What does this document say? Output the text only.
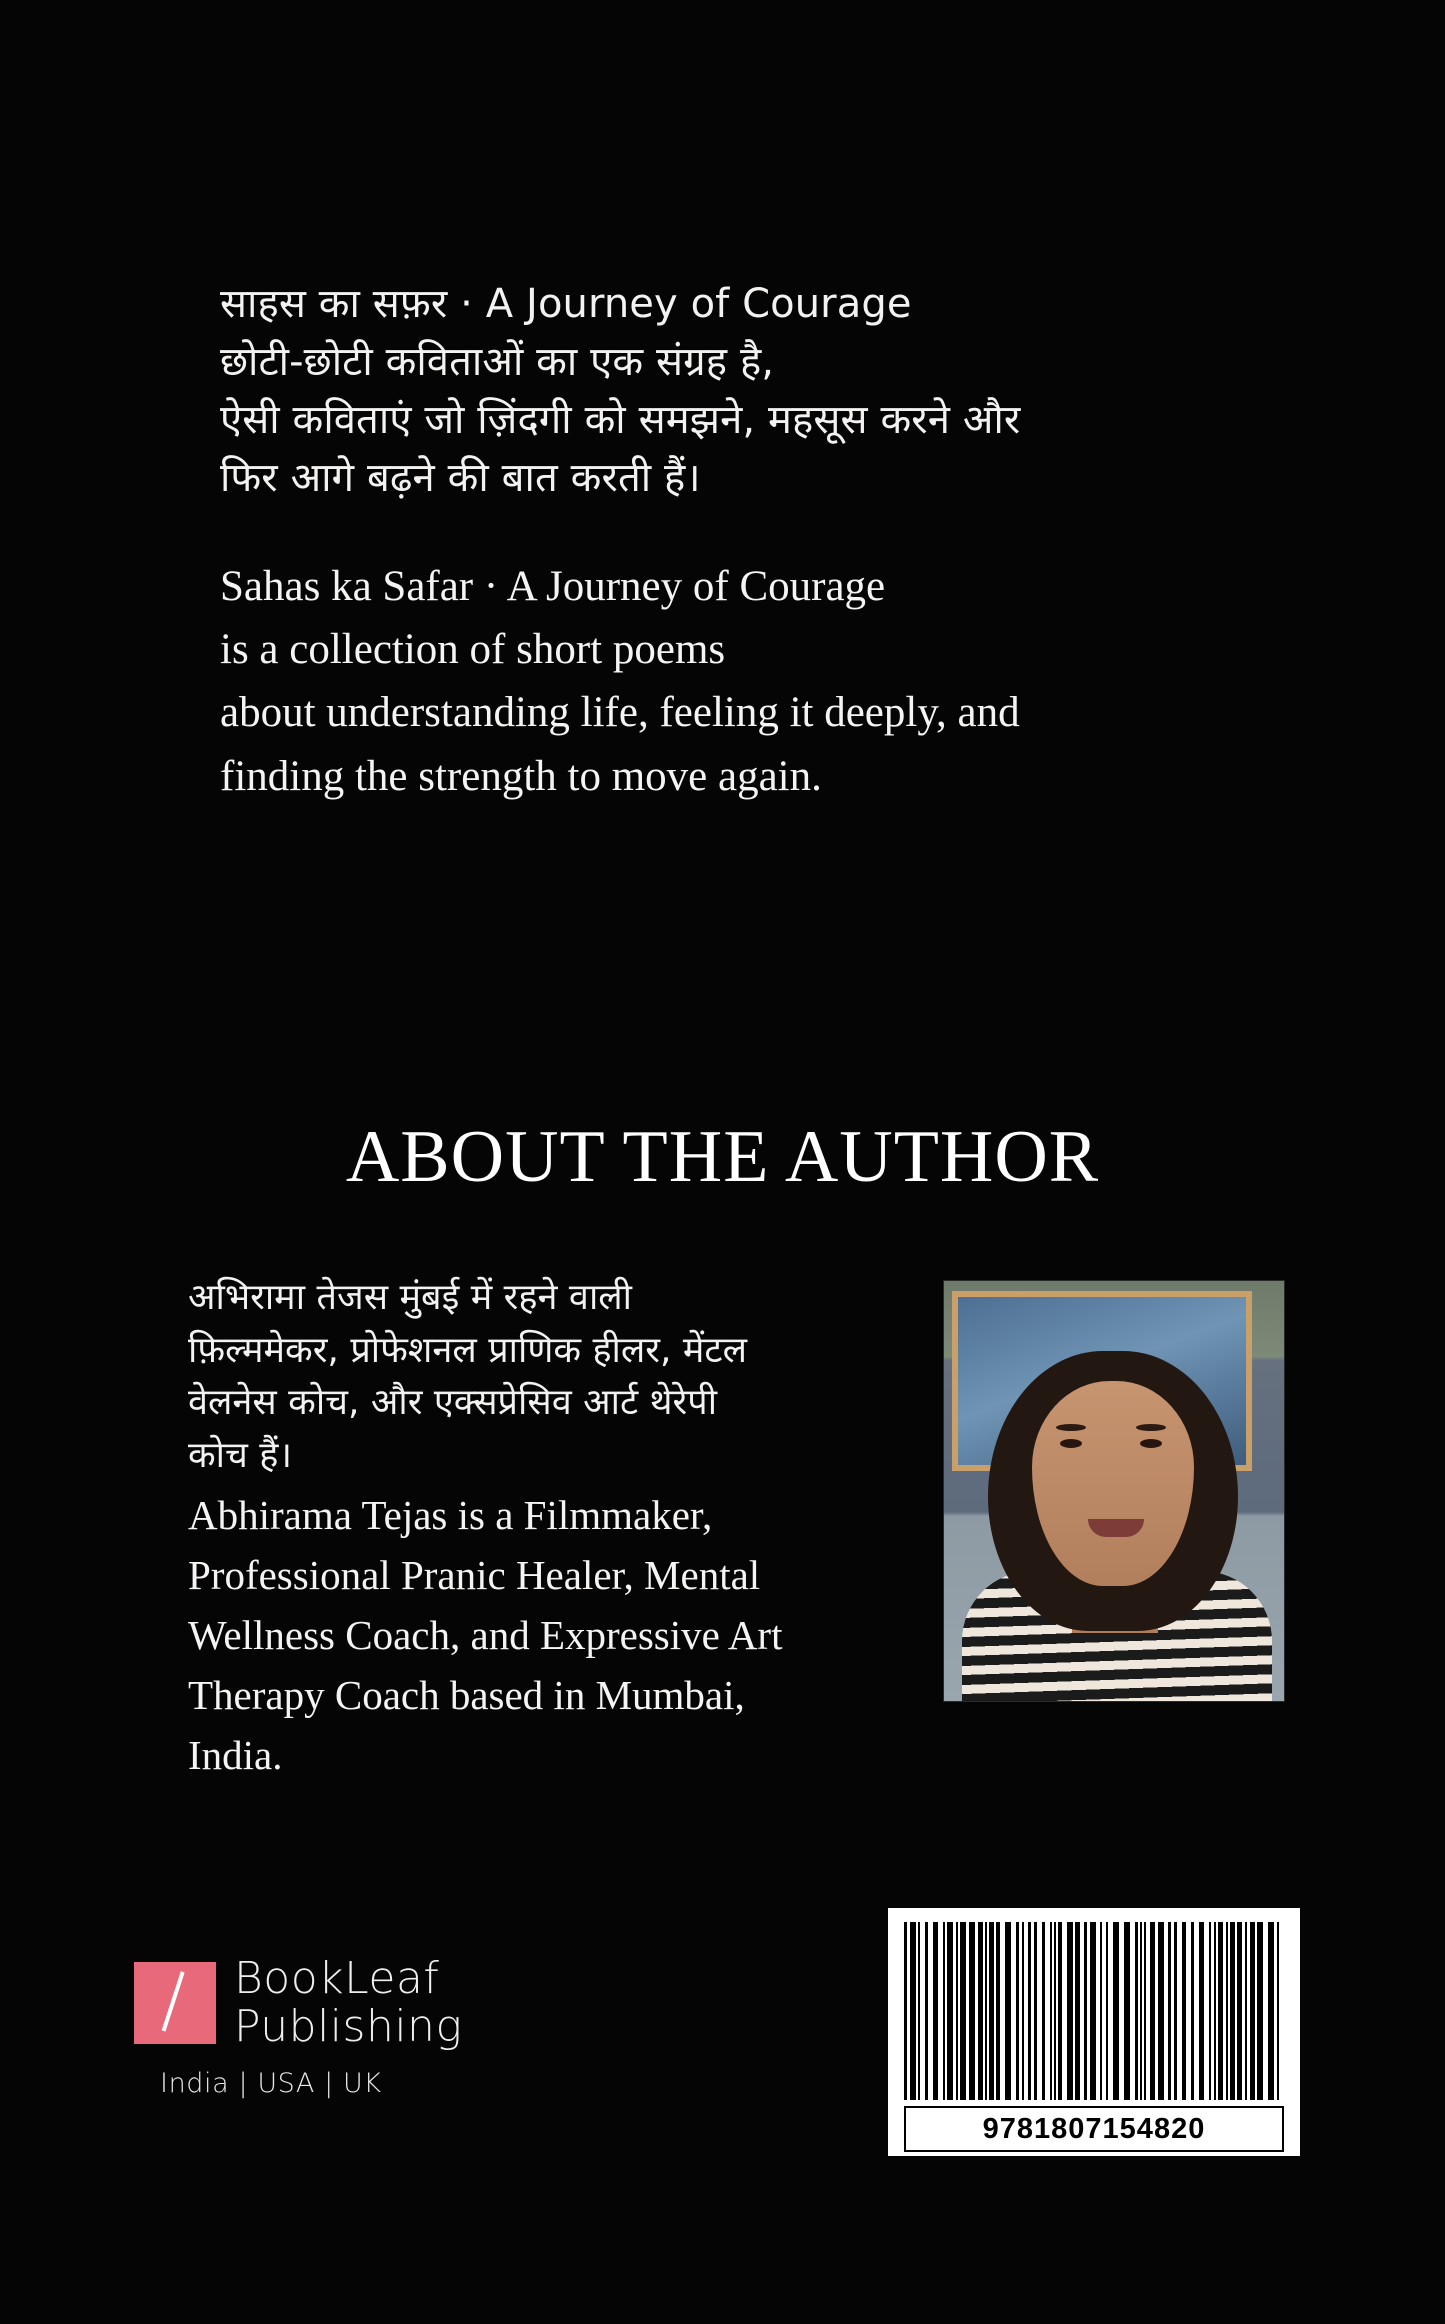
साहस का सफ़र · A Journey of Courage
छोटी-छोटी कविताओं का एक संग्रह है,
ऐसी कविताएं जो ज़िंदगी को समझने, महसूस करने और
फिर आगे बढ़ने की बात करती हैं।
Sahas ka Safar · A Journey of Courage
is a collection of short poems
about understanding life, feeling it deeply, and
finding the strength to move again.
ABOUT THE AUTHOR
अभिरामा तेजस मुंबई में रहने वाली
फ़िल्ममेकर, प्रोफेशनल प्राणिक हीलर, मेंटल
वेलनेस कोच, और एक्सप्रेसिव आर्ट थेरेपी
कोच हैं।
Abhirama Tejas is a Filmmaker,
Professional Pranic Healer, Mental
Wellness Coach, and Expressive Art
Therapy Coach based in Mumbai,
India.
BookLeaf
Publishing
India | USA | UK
9781807154820
